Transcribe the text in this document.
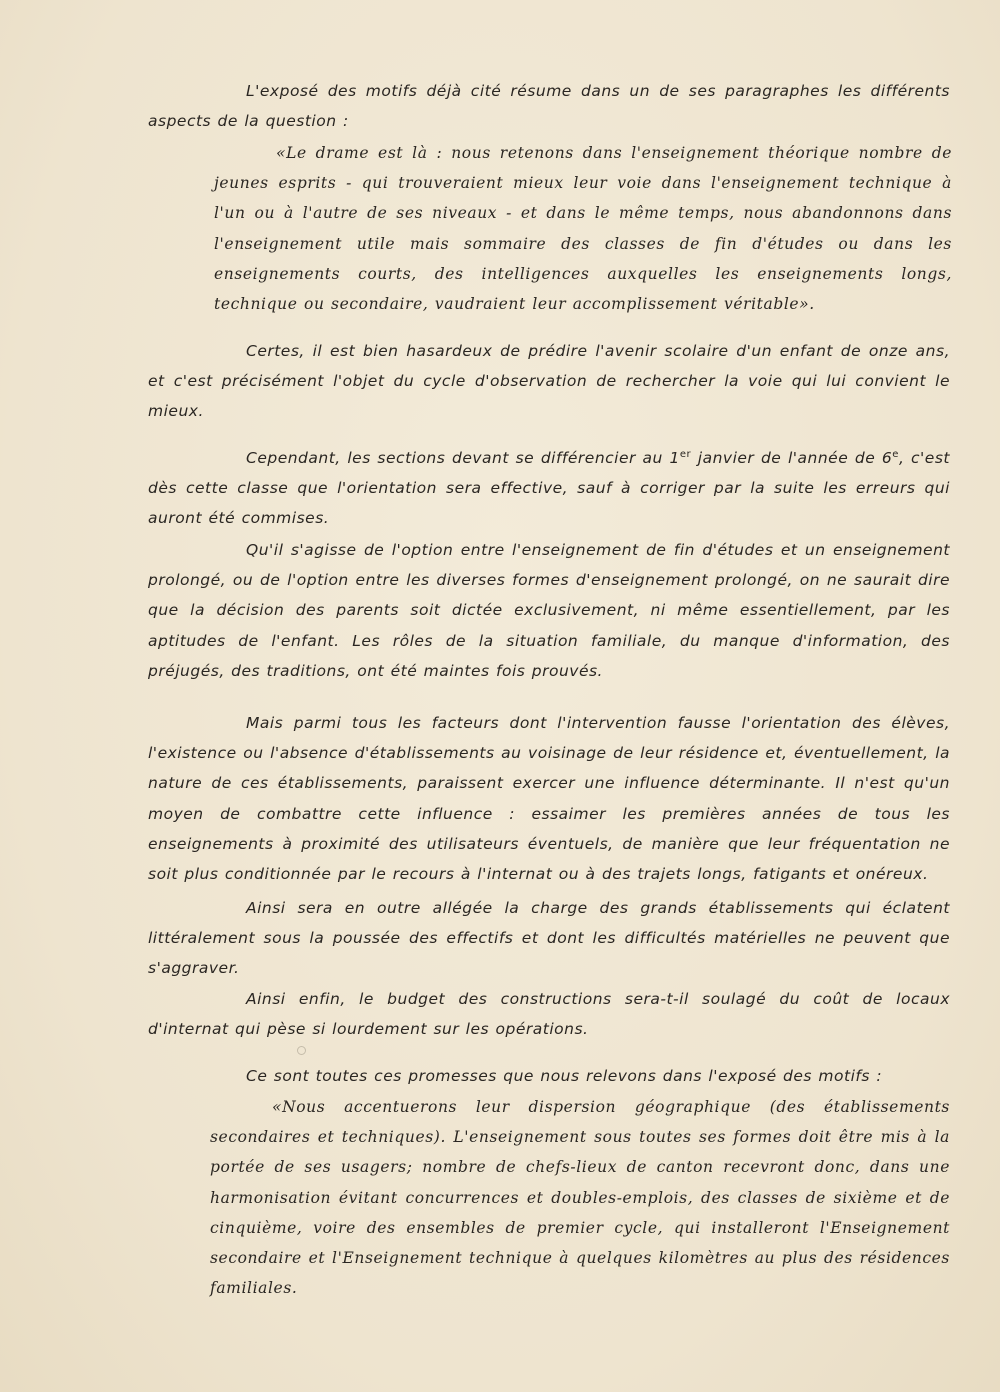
L'exposé des motifs déjà cité résume dans un de ses paragraphes les différents aspects de la question :

«Le drame est là : nous retenons dans l'enseignement théorique nombre de jeunes esprits - qui trouveraient mieux leur voie dans l'enseignement technique à l'un ou à l'autre de ses niveaux - et dans le même temps, nous abandonnons dans l'enseignement utile mais sommaire des classes de fin d'études ou dans les enseignements courts, des intelligences auxquelles les enseignements longs, technique ou secondaire, vaudraient leur accomplissement véritable».

Certes, il est bien hasardeux de prédire l'avenir scolaire d'un enfant de onze ans, et c'est précisément l'objet du cycle d'observation de rechercher la voie qui lui convient le mieux.

Cependant, les sections devant se différencier au 1er janvier de l'année de 6e, c'est dès cette classe que l'orientation sera effective, sauf à corriger par la suite les erreurs qui auront été commises.

Qu'il s'agisse de l'option entre l'enseignement de fin d'études et un enseignement prolongé, ou de l'option entre les diverses formes d'enseignement prolongé, on ne saurait dire que la décision des parents soit dictée exclusivement, ni même essentiellement, par les aptitudes de l'enfant. Les rôles de la situation familiale, du manque d'information, des préjugés, des traditions, ont été maintes fois prouvés.

Mais parmi tous les facteurs dont l'intervention fausse l'orientation des élèves, l'existence ou l'absence d'établissements au voisinage de leur résidence et, éventuellement, la nature de ces établissements, paraissent exercer une influence déterminante. Il n'est qu'un moyen de combattre cette influence : essaimer les premières années de tous les enseignements à proximité des utilisateurs éventuels, de manière que leur fréquentation ne soit plus conditionnée par le recours à l'internat ou à des trajets longs, fatigants et onéreux.

Ainsi sera en outre allégée la charge des grands établissements qui éclatent littéralement sous la poussée des effectifs et dont les difficultés matérielles ne peuvent que s'aggraver.

Ainsi enfin, le budget des constructions sera-t-il soulagé du coût de locaux d'internat qui pèse si lourdement sur les opérations.

Ce sont toutes ces promesses que nous relevons dans l'exposé des motifs :

«Nous accentuerons leur dispersion géographique (des établissements secondaires et techniques). L'enseignement sous toutes ses formes doit être mis à la portée de ses usagers; nombre de chefs-lieux de canton recevront donc, dans une harmonisation évitant concurrences et doubles-emplois, des classes de sixième et de cinquième, voire des ensembles de premier cycle, qui installeront l'Enseignement secondaire et l'Enseignement technique à quelques kilomètres au plus des résidences familiales.
